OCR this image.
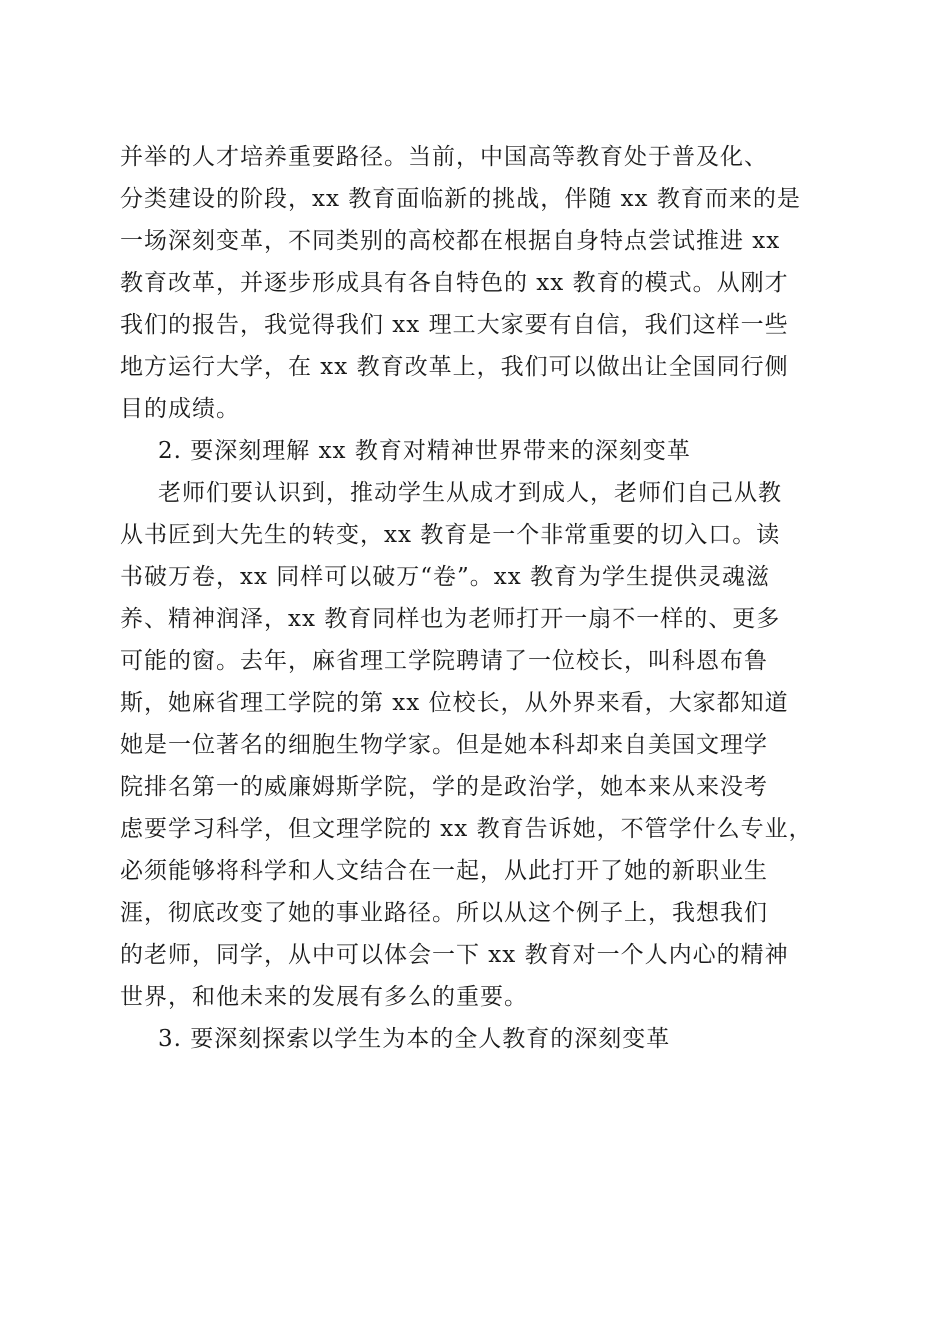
并举的人才培养重要路径。当前，中国高等教育处于普及化、
分类建设的阶段，xx 教育面临新的挑战，伴随 xx 教育而来的是
一场深刻变革，不同类别的高校都在根据自身特点尝试推进 xx
教育改革，并逐步形成具有各自特色的 xx 教育的模式。从刚才
我们的报告，我觉得我们 xx 理工大家要有自信，我们这样一些
地方运行大学，在 xx 教育改革上，我们可以做出让全国同行侧
目的成绩。
2. 要深刻理解 xx 教育对精神世界带来的深刻变革
老师们要认识到，推动学生从成才到成人，老师们自己从教
从书匠到大先生的转变，xx 教育是一个非常重要的切入口。读
书破万卷，xx 同样可以破万“卷”。xx 教育为学生提供灵魂滋
养、精神润泽，xx 教育同样也为老师打开一扇不一样的、更多
可能的窗。去年，麻省理工学院聘请了一位校长，叫科恩布鲁
斯，她麻省理工学院的第 xx 位校长，从外界来看，大家都知道
她是一位著名的细胞生物学家。但是她本科却来自美国文理学
院排名第一的威廉姆斯学院，学的是政治学，她本来从来没考
虑要学习科学，但文理学院的 xx 教育告诉她，不管学什么专业，
必须能够将科学和人文结合在一起，从此打开了她的新职业生
涯，彻底改变了她的事业路径。所以从这个例子上，我想我们
的老师，同学，从中可以体会一下 xx 教育对一个人内心的精神
世界，和他未来的发展有多么的重要。
3. 要深刻探索以学生为本的全人教育的深刻变革
